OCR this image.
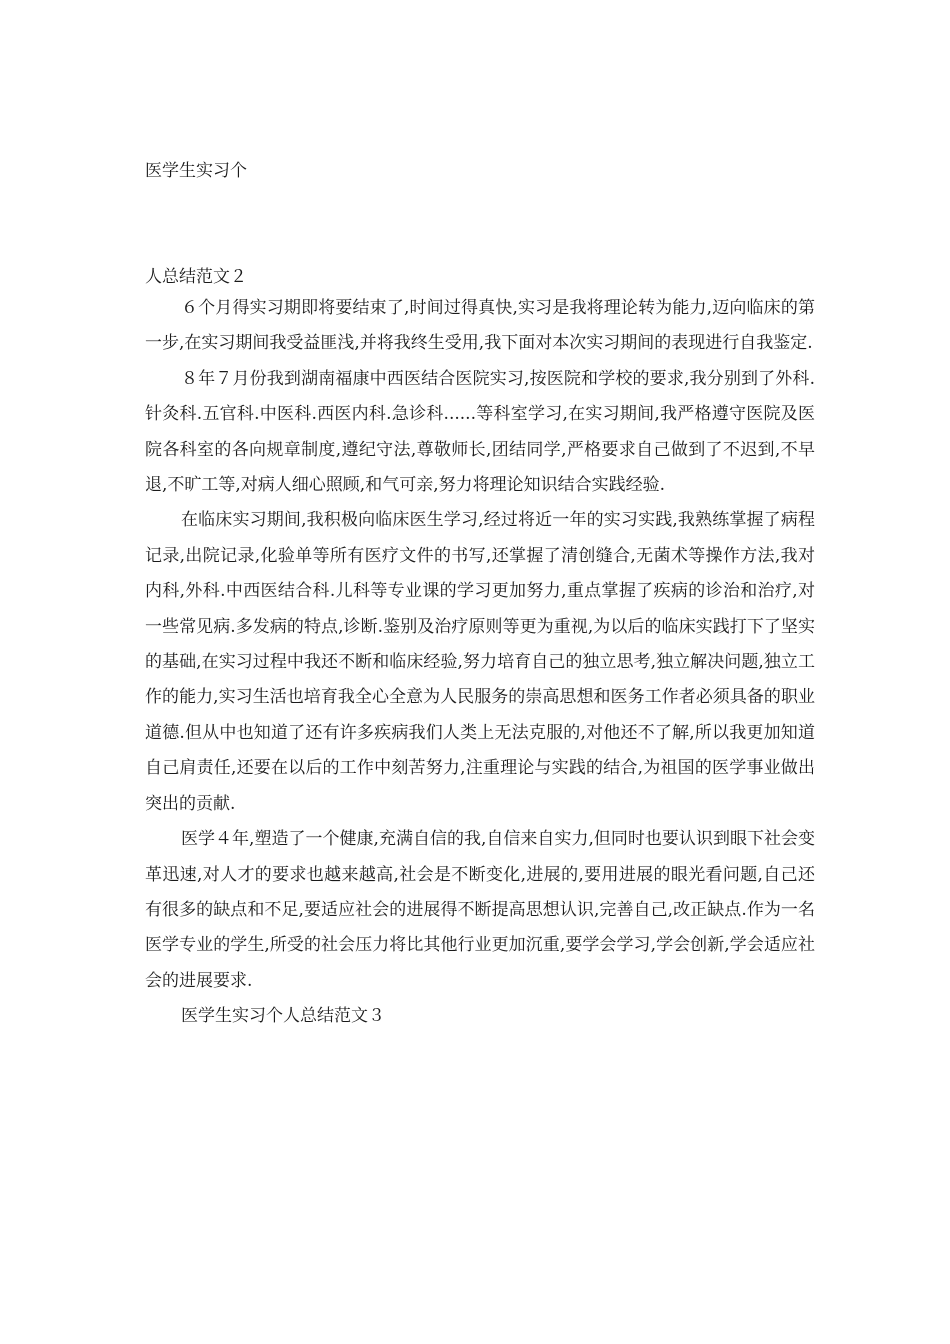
医学生实习个
人总结范文２

６个月得实习期即将要结束了,时间过得真快,实习是我将理论转为能力,迈向临床的第一步,在实习期间我受益匪浅,并将我终生受用,我下面对本次实习期间的表现进行自我鉴定.

８年７月份我到湖南福康中西医结合医院实习,按医院和学校的要求,我分别到了外科.针灸科.五官科.中医科.西医内科.急诊科......等科室学习,在实习期间,我严格遵守医院及医院各科室的各向规章制度,遵纪守法,尊敬师长,团结同学,严格要求自己做到了不迟到,不早退,不旷工等,对病人细心照顾,和气可亲,努力将理论知识结合实践经验.

在临床实习期间,我积极向临床医生学习,经过将近一年的实习实践,我熟练掌握了病程记录,出院记录,化验单等所有医疗文件的书写,还掌握了清创缝合,无菌术等操作方法,我对内科,外科.中西医结合科.儿科等专业课的学习更加努力,重点掌握了疾病的诊治和治疗,对一些常见病.多发病的特点,诊断.鉴别及治疗原则等更为重视,为以后的临床实践打下了坚实的基础,在实习过程中我还不断和临床经验,努力培育自己的独立思考,独立解决问题,独立工作的能力,实习生活也培育我全心全意为人民服务的崇高思想和医务工作者必须具备的职业道德.但从中也知道了还有许多疾病我们人类上无法克服的,对他还不了解,所以我更加知道自己肩责任,还要在以后的工作中刻苦努力,注重理论与实践的结合,为祖国的医学事业做出突出的贡献.

医学４年,塑造了一个健康,充满自信的我,自信来自实力,但同时也要认识到眼下社会变革迅速,对人才的要求也越来越高,社会是不断变化,进展的,要用进展的眼光看问题,自己还有很多的缺点和不足,要适应社会的进展得不断提高思想认识,完善自己,改正缺点.作为一名医学专业的学生,所受的社会压力将比其他行业更加沉重,要学会学习,学会创新,学会适应社会的进展要求.

医学生实习个人总结范文３
